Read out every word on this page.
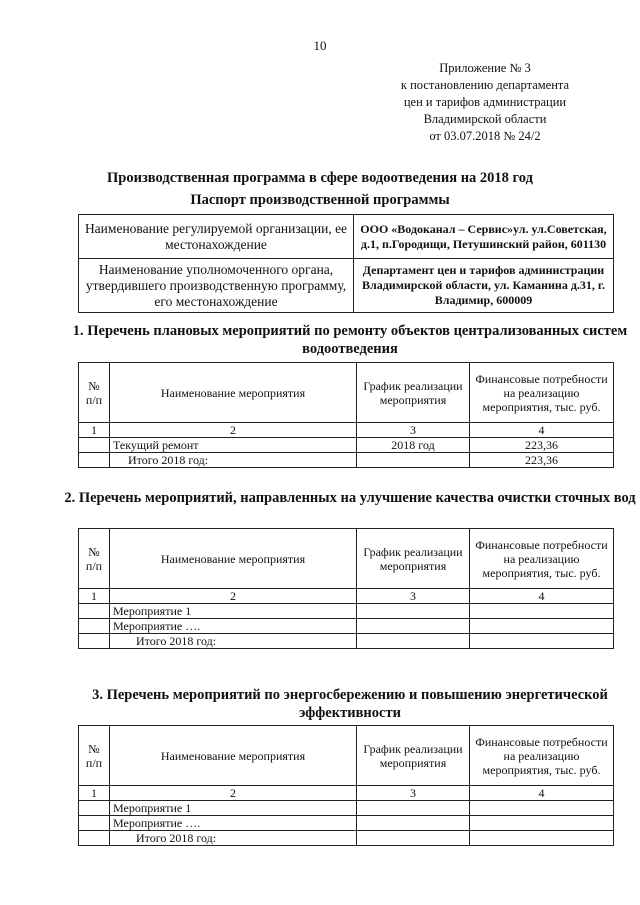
10
Приложение № 3
к постановлению департамента
цен и тарифов администрации
Владимирской области
от 03.07.2018 № 24/2
Производственная программа в сфере водоотведения на 2018 год
Паспорт производственной программы
Наименование регулируемой организации, ее местонахождение	ООО «Водоканал – Сервис»ул. ул.Советская, д.1, п.Городищи, Петушинский район, 601130
Наименование уполномоченного органа, утвердившего производственную программу, его местонахождение	Департамент цен и тарифов администрации Владимирской области, ул. Каманина д.31, г. Владимир, 600009
1. Перечень плановых мероприятий по ремонту объектов централизованных систем водоотведения
№ п/п	Наименование мероприятия	График реализации мероприятия	Финансовые потребности на реализацию мероприятия, тыс. руб.
1	2	3	4
	Текущий ремонт	2018 год	223,36
	Итого 2018 год:		223,36
2. Перечень мероприятий, направленных на улучшение качества очистки сточных вод
№ п/п	Наименование мероприятия	График реализации мероприятия	Финансовые потребности на реализацию мероприятия, тыс. руб.
1	2	3	4
	Мероприятие 1		
	Мероприятие ….		
	Итого 2018 год:		
3. Перечень мероприятий по энергосбережению и повышению энергетической эффективности
№ п/п	Наименование мероприятия	График реализации мероприятия	Финансовые потребности на реализацию мероприятия, тыс. руб.
1	2	3	4
	Мероприятие 1		
	Мероприятие ….		
	Итого 2018 год:		
